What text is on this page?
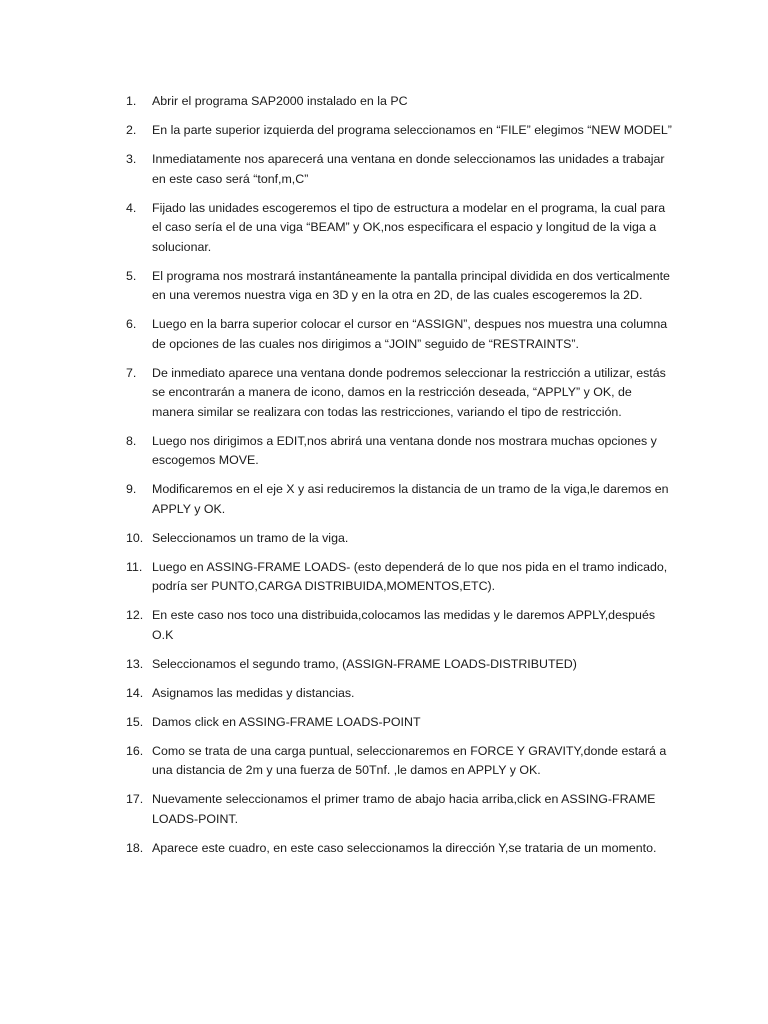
1.	Abrir el programa SAP2000 instalado en la PC
2.	En la parte superior izquierda del programa seleccionamos en “FILE” elegimos “NEW MODEL”
3.	Inmediatamente nos aparecerá una ventana en donde seleccionamos las unidades a trabajar en este caso será “tonf,m,C”
4.	Fijado las unidades escogeremos el tipo de estructura a modelar en el programa, la cual para el caso sería el de una viga “BEAM” y OK,nos especificara el espacio y longitud de la viga a solucionar.
5.	El programa nos mostrará instantáneamente la pantalla principal dividida en dos verticalmente en una veremos nuestra viga en 3D y en la otra en 2D, de las cuales escogeremos la 2D.
6.	Luego en la barra superior colocar el cursor en “ASSIGN”, despues nos muestra una columna de opciones de las cuales nos dirigimos a “JOIN” seguido de “RESTRAINTS”.
7.	De inmediato aparece una ventana donde podremos seleccionar la restricción a utilizar, estás se encontrarán a manera de icono, damos en la restricción deseada, “APPLY” y OK, de manera similar se realizara con todas las restricciones, variando el tipo de restricción.
8.	Luego nos dirigimos a EDIT,nos abrirá una ventana donde nos mostrara muchas opciones y escogemos MOVE.
9.	Modificaremos en el eje X y asi reduciremos la distancia de un tramo de la viga,le daremos en APPLY y OK.
10. Seleccionamos un tramo de la viga.
11. Luego en ASSING-FRAME LOADS- (esto dependerá de lo que nos pida en el tramo indicado, podría ser PUNTO,CARGA DISTRIBUIDA,MOMENTOS,ETC).
12. En este caso nos toco una distribuida,colocamos las medidas y le daremos APPLY,después O.K
13. Seleccionamos el segundo tramo, (ASSIGN-FRAME LOADS-DISTRIBUTED)
14. Asignamos las medidas y distancias.
15. Damos click en ASSING-FRAME LOADS-POINT
16. Como se trata de una carga puntual, seleccionaremos en FORCE Y GRAVITY,donde estará a una distancia de 2m y una fuerza de 50Tnf. ,le damos en APPLY y OK.
17. Nuevamente seleccionamos el primer tramo de abajo hacia arriba,click en ASSING-FRAME LOADS-POINT.
18. Aparece este cuadro, en este caso seleccionamos la dirección Y,se trataria de un momento.
